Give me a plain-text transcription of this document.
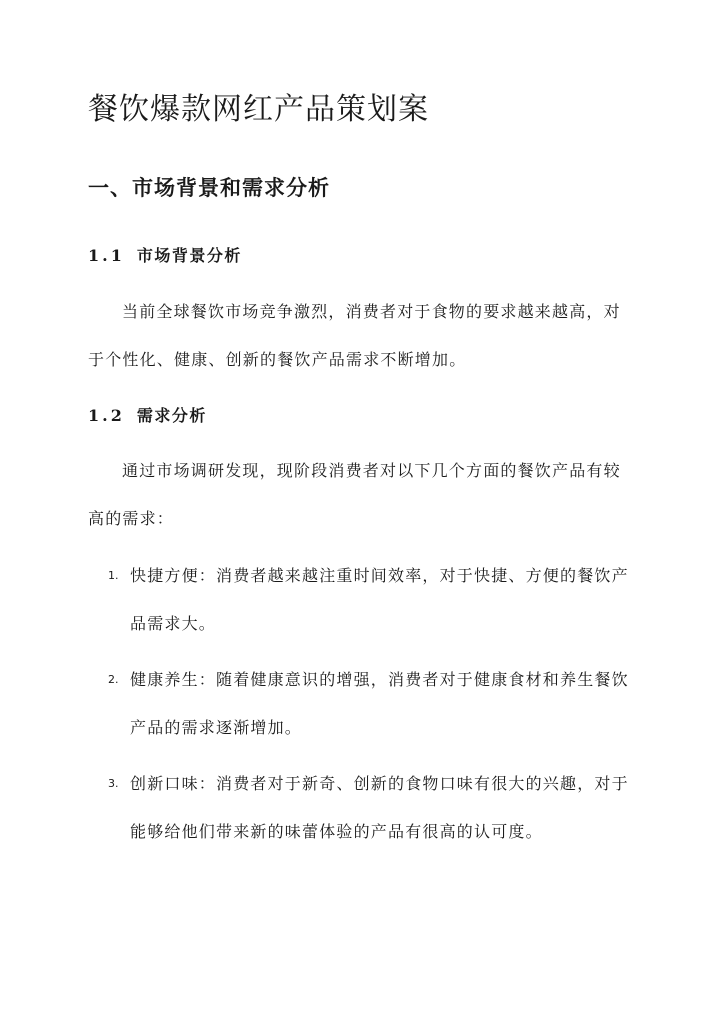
餐饮爆款网红产品策划案
一、市场背景和需求分析
1.1 市场背景分析

当前全球餐饮市场竞争激烈，消费者对于食物的要求越来越高，对于个性化、健康、创新的餐饮产品需求不断增加。

1.2 需求分析

通过市场调研发现，现阶段消费者对以下几个方面的餐饮产品有较高的需求：

1. 快捷方便：消费者越来越注重时间效率，对于快捷、方便的餐饮产品需求大。
2. 健康养生：随着健康意识的增强，消费者对于健康食材和养生餐饮产品的需求逐渐增加。
3. 创新口味：消费者对于新奇、创新的食物口味有很大的兴趣，对于能够给他们带来新的味蕾体验的产品有很高的认可度。
